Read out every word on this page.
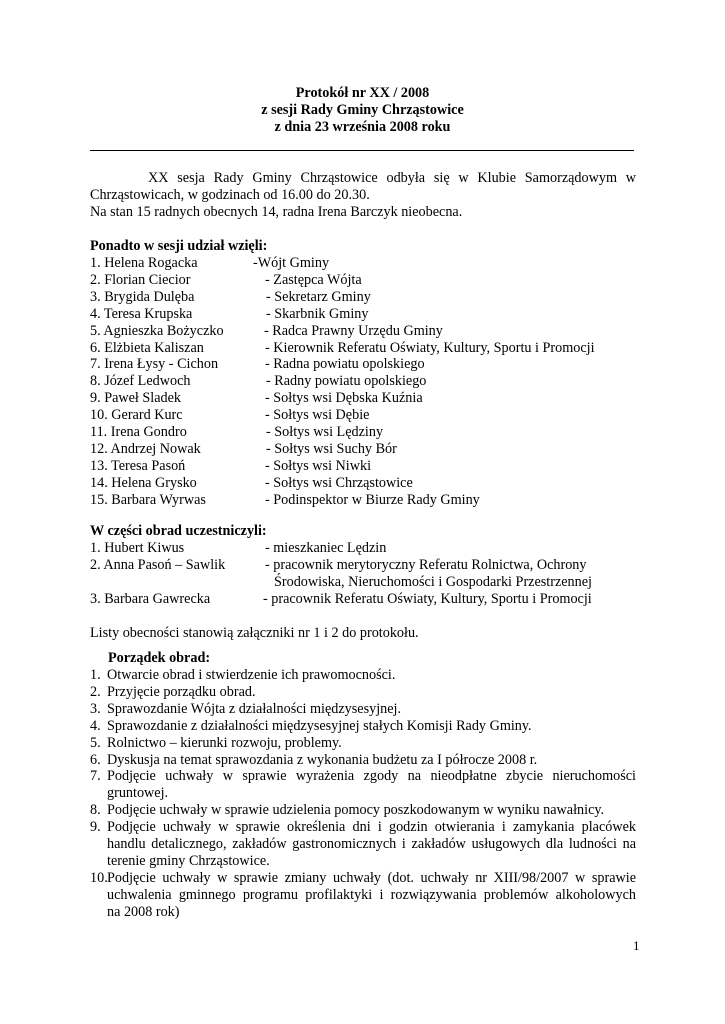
Protokół nr XX / 2008
z sesji Rady Gminy Chrząstowice
z dnia 23 września 2008 roku
XX sesja Rady Gminy Chrząstowice odbyła się w Klubie Samorządowym w
Chrząstowicach, w godzinach od 16.00 do 20.30.
Na stan 15 radnych obecnych 14, radna Irena Barczyk nieobecna.
Ponadto w sesji udział wzięli:
1. Helena Rogacka	-Wójt Gminy
2. Florian Ciecior	- Zastępca Wójta
3. Brygida Dulęba	- Sekretarz Gminy
4. Teresa Krupska	- Skarbnik Gminy
5. Agnieszka Bożyczko	- Radca Prawny Urzędu Gminy
6. Elżbieta Kaliszan	- Kierownik Referatu Oświaty, Kultury, Sportu i Promocji
7. Irena Łysy - Cichon	- Radna powiatu opolskiego
8. Józef Ledwoch	- Radny powiatu opolskiego
9. Paweł Sladek	- Sołtys wsi Dębska Kuźnia
10. Gerard Kurc	- Sołtys wsi Dębie
11. Irena Gondro	- Sołtys wsi Lędziny
12. Andrzej Nowak	- Sołtys wsi Suchy Bór
13. Teresa Pasoń	- Sołtys wsi Niwki
14. Helena Grysko	- Sołtys wsi Chrząstowice
15. Barbara Wyrwas	- Podinspektor w Biurze Rady Gminy
W części obrad uczestniczyli:
1. Hubert Kiwus	- mieszkaniec Lędzin
2. Anna Pasoń – Sawlik	- pracownik merytoryczny Referatu Rolnictwa, Ochrony
Środowiska, Nieruchomości i Gospodarki Przestrzennej
3. Barbara Gawrecka	- pracownik Referatu Oświaty, Kultury, Sportu i Promocji
Listy obecności stanowią załączniki nr 1 i 2 do protokołu.
Porządek obrad:
1. Otwarcie obrad i stwierdzenie ich prawomocności.
2. Przyjęcie porządku obrad.
3. Sprawozdanie Wójta z działalności międzysesyjnej.
4. Sprawozdanie z działalności międzysesyjnej stałych Komisji Rady Gminy.
5. Rolnictwo – kierunki rozwoju, problemy.
6. Dyskusja na temat sprawozdania z wykonania budżetu za I półrocze 2008 r.
7. Podjęcie uchwały w sprawie wyrażenia zgody na nieodpłatne zbycie nieruchomości
gruntowej.
8. Podjęcie uchwały w sprawie udzielenia pomocy poszkodowanym w wyniku nawałnicy.
9. Podjęcie uchwały w sprawie określenia dni i godzin otwierania i zamykania placówek
handlu detalicznego, zakładów gastronomicznych i zakładów usługowych dla ludności na
terenie gminy Chrząstowice.
10. Podjęcie uchwały w sprawie zmiany uchwały (dot. uchwały nr XIII/98/2007 w sprawie
uchwalenia gminnego programu profilaktyki i rozwiązywania problemów alkoholowych
na 2008 rok)
1
